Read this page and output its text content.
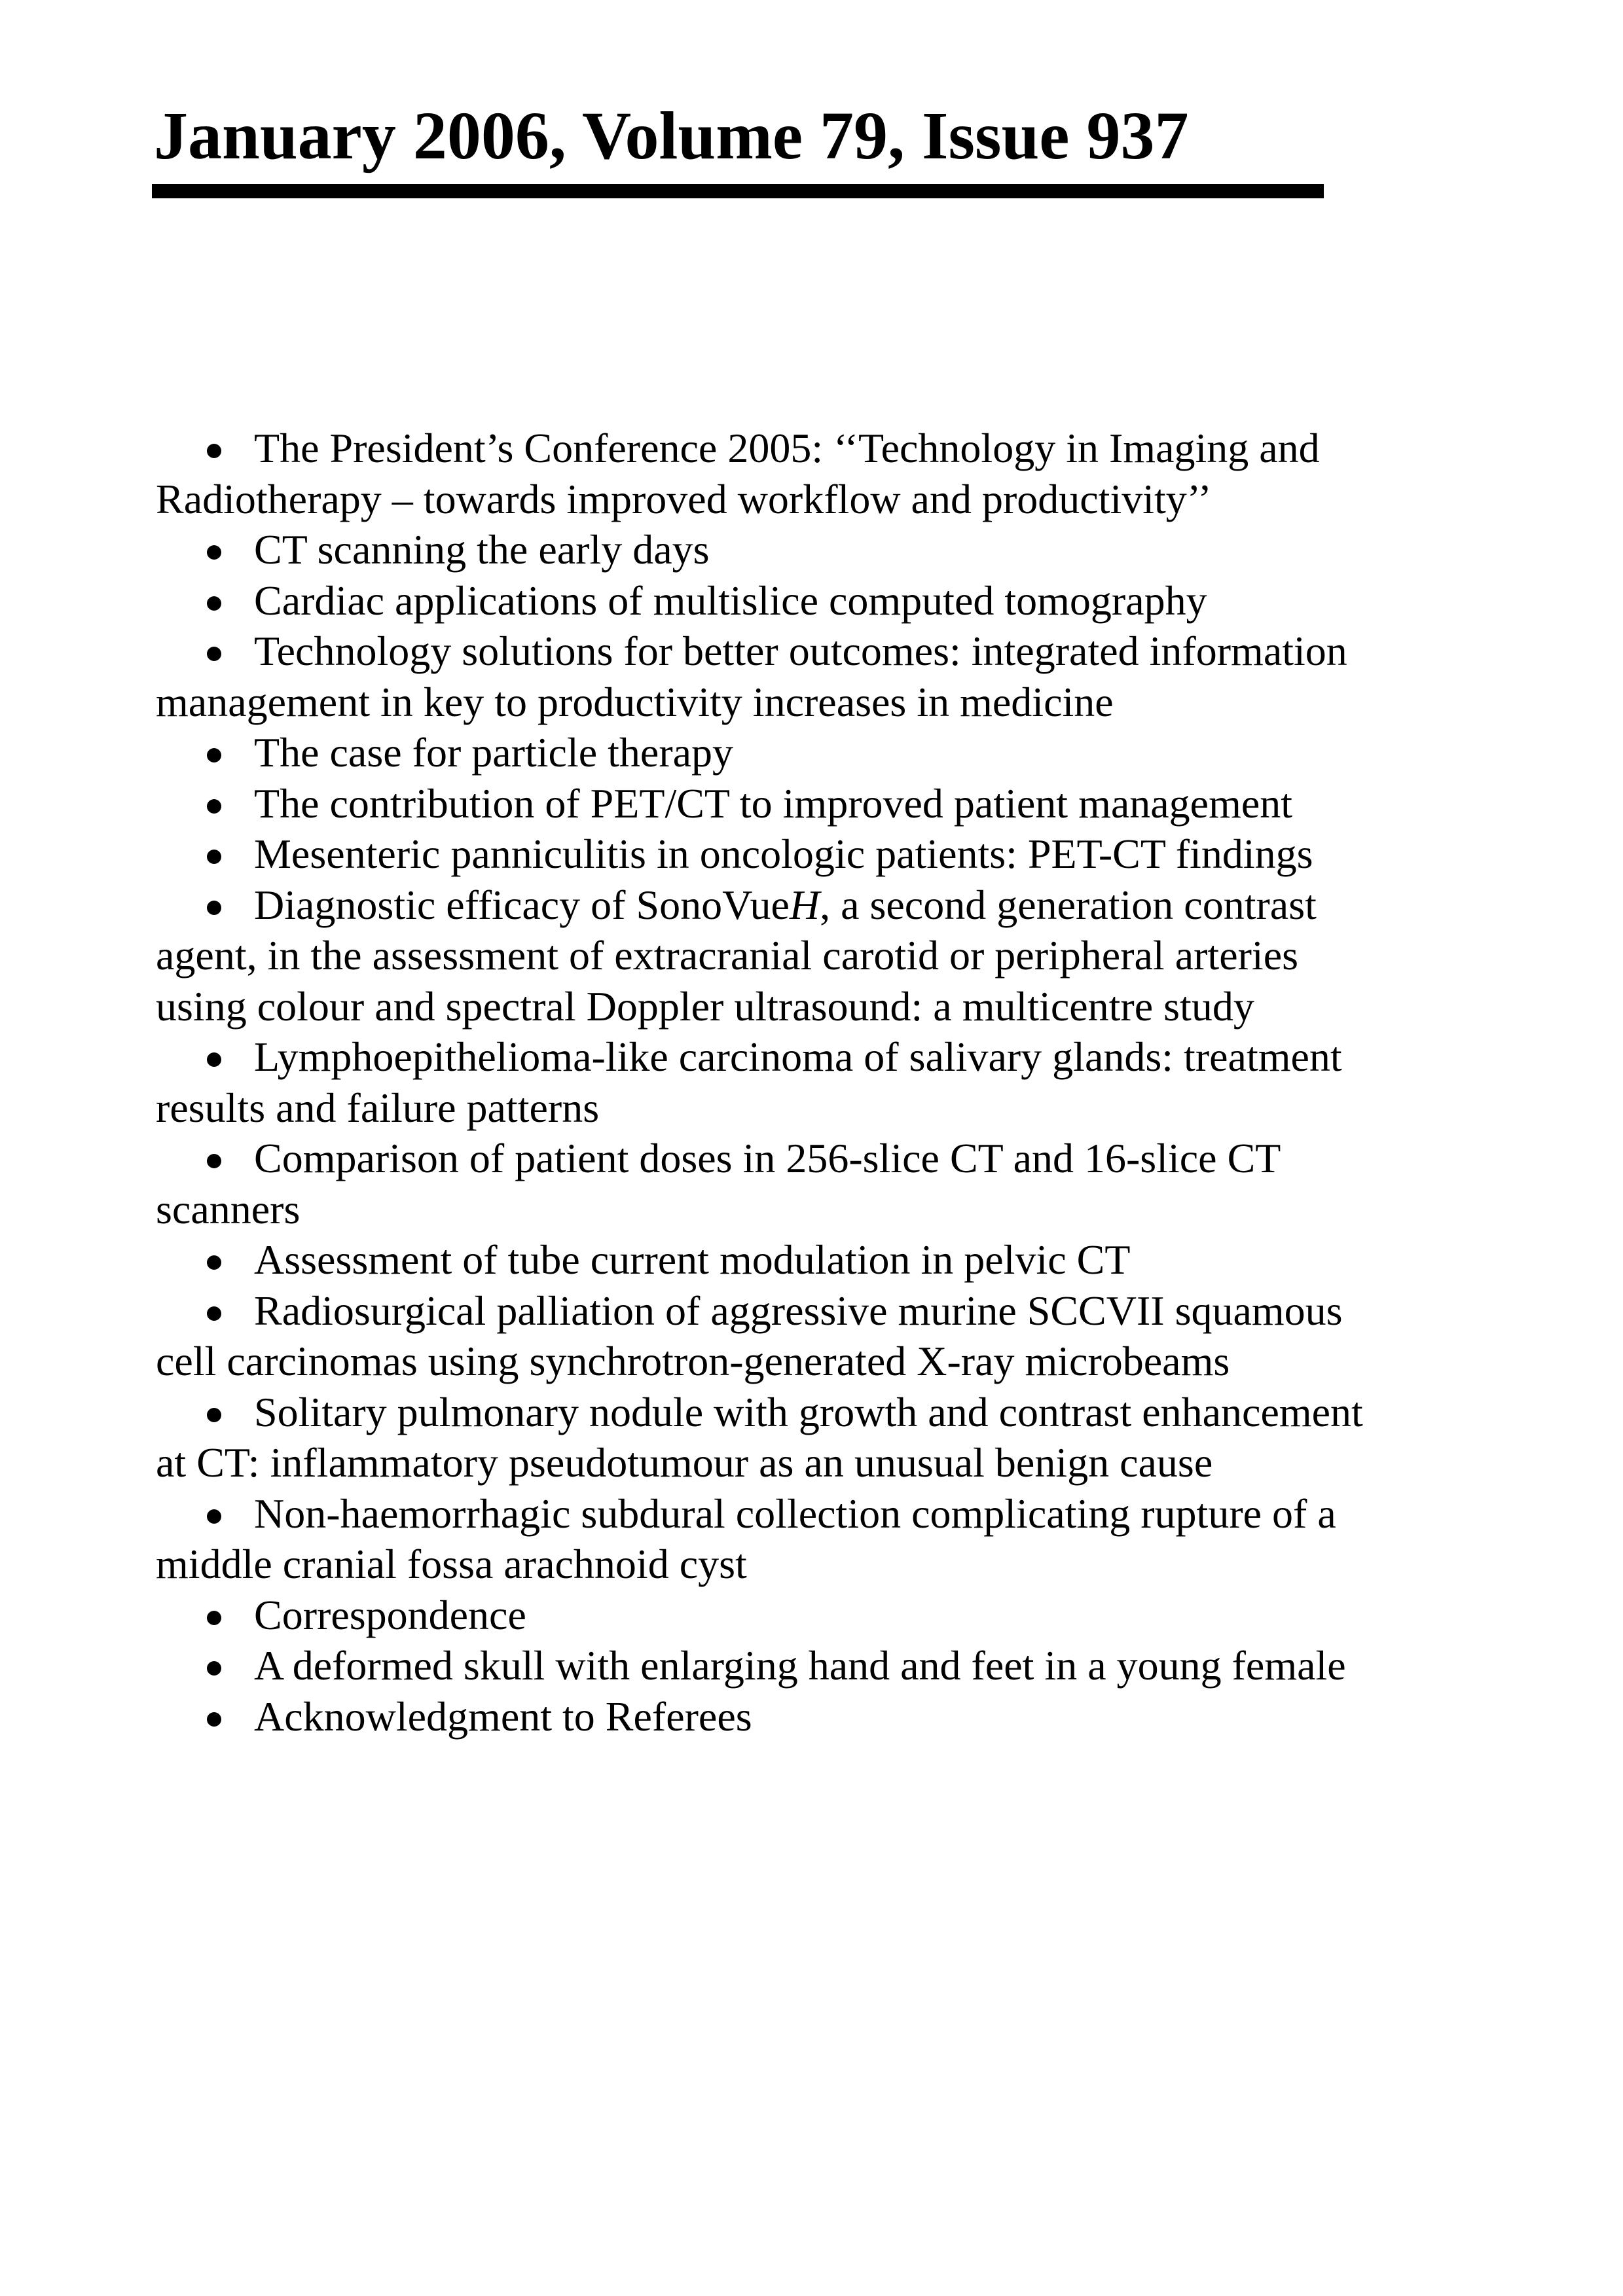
January 2006, Volume 79, Issue 937
The President’s Conference 2005: ‘‘Technology in Imaging and Radiotherapy – towards improved workflow and productivity’’
CT scanning the early days
Cardiac applications of multislice computed tomography
Technology solutions for better outcomes: integrated information management in key to productivity increases in medicine
The case for particle therapy
The contribution of PET/CT to improved patient management
Mesenteric panniculitis in oncologic patients: PET-CT findings
Diagnostic efficacy of SonoVueH, a second generation contrast agent, in the assessment of extracranial carotid or peripheral arteries using colour and spectral Doppler ultrasound: a multicentre study
Lymphoepithelioma-like carcinoma of salivary glands: treatment results and failure patterns
Comparison of patient doses in 256-slice CT and 16-slice CT scanners
Assessment of tube current modulation in pelvic CT
Radiosurgical palliation of aggressive murine SCCVII squamous cell carcinomas using synchrotron-generated X-ray microbeams
Solitary pulmonary nodule with growth and contrast enhancement at CT: inflammatory pseudotumour as an unusual benign cause
Non-haemorrhagic subdural collection complicating rupture of a middle cranial fossa arachnoid cyst
Correspondence
A deformed skull with enlarging hand and feet in a young female
Acknowledgment to Referees
